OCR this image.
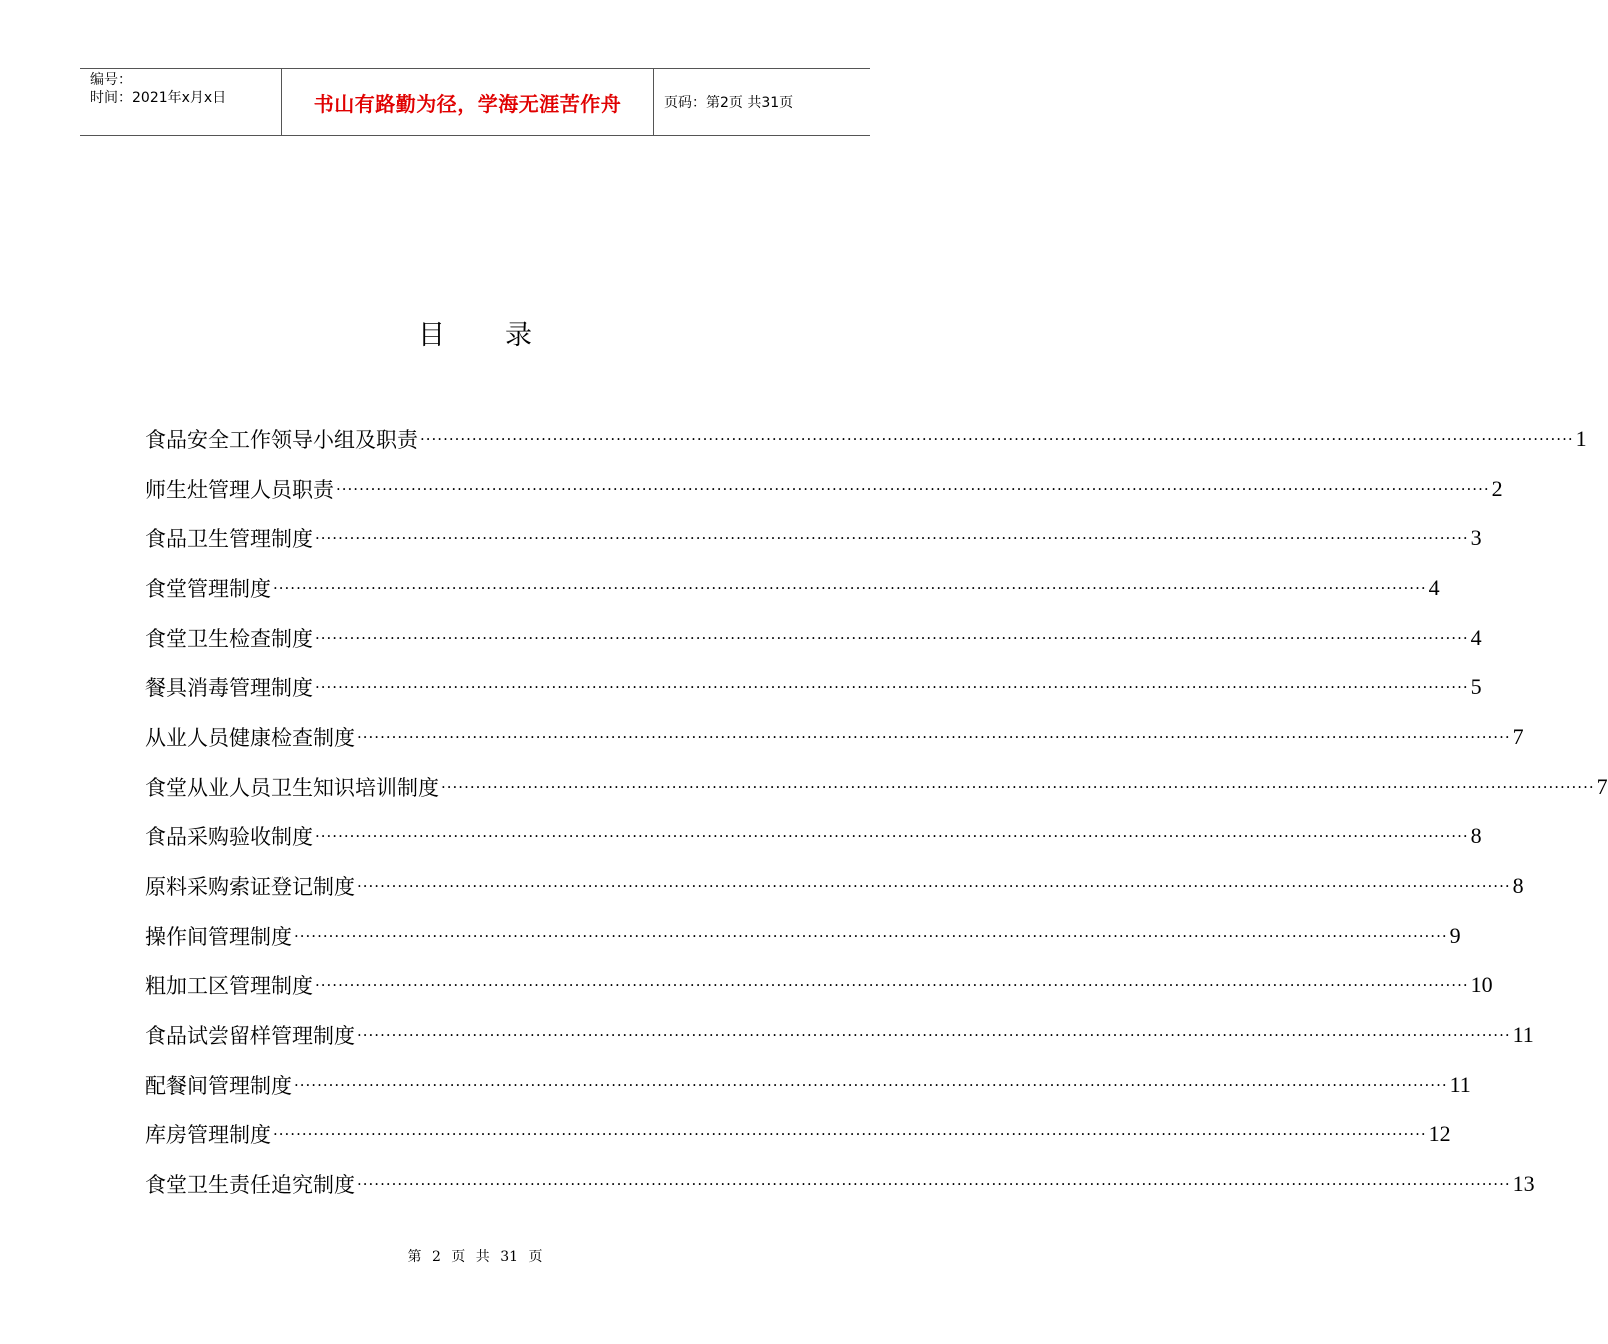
编号：
时间：2021年x月x日	书山有路勤为径，学海无涯苦作舟	页码：第2页 共31页
目 录
食品安全工作领导小组及职责 ········································································································································································································ 1
师生灶管理人员职责 ········································································································································································································ 2
食品卫生管理制度 ········································································································································································································ 3
食堂管理制度 ········································································································································································································ 4
食堂卫生检查制度 ········································································································································································································ 4
餐具消毒管理制度 ········································································································································································································ 5
从业人员健康检查制度 ········································································································································································································ 7
食堂从业人员卫生知识培训制度 ········································································································································································································ 7
食品采购验收制度 ········································································································································································································ 8
原料采购索证登记制度 ········································································································································································································ 8
操作间管理制度 ········································································································································································································ 9
粗加工区管理制度 ········································································································································································································ 10
食品试尝留样管理制度 ········································································································································································································ 11
配餐间管理制度 ········································································································································································································ 11
库房管理制度 ········································································································································································································ 12
食堂卫生责任追究制度 ········································································································································································································ 13
第 2 页 共 31 页
